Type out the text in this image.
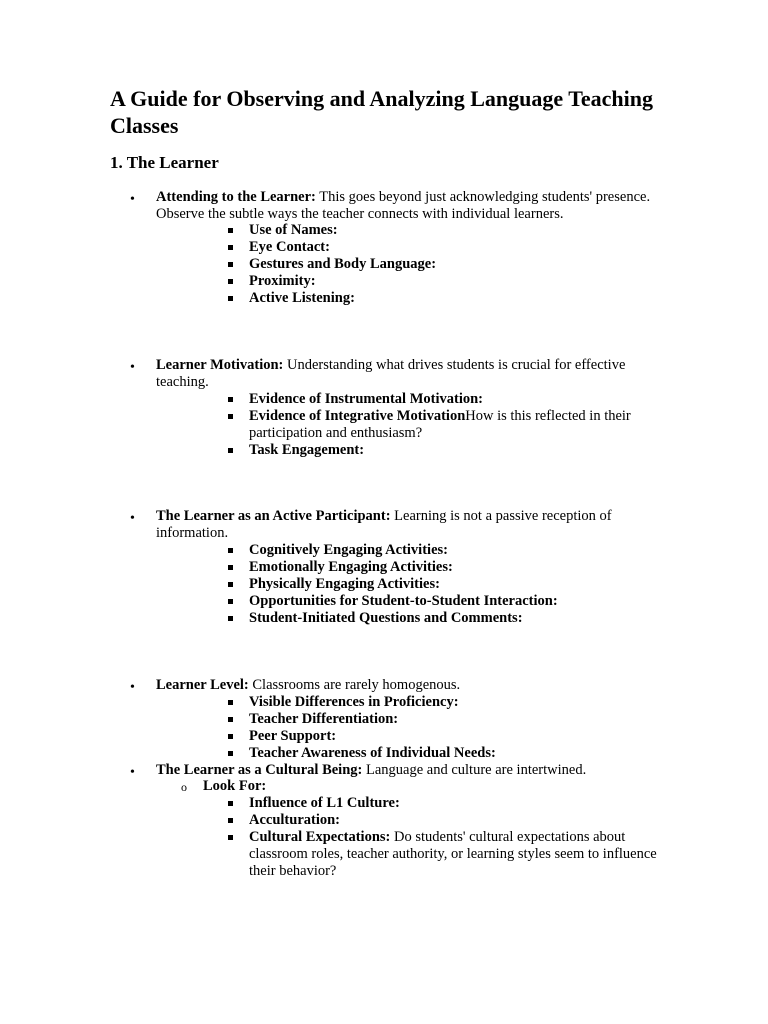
A Guide for Observing and Analyzing Language Teaching Classes
1. The Learner
• Attending to the Learner: This goes beyond just acknowledging students' presence. Observe the subtle ways the teacher connects with individual learners.
Use of Names:
Eye Contact:
Gestures and Body Language:
Proximity:
Active Listening:
• Learner Motivation: Understanding what drives students is crucial for effective teaching.
Evidence of Instrumental Motivation:
Evidence of Integrative MotivationHow is this reflected in their participation and enthusiasm?
Task Engagement:
• The Learner as an Active Participant: Learning is not a passive reception of information.
Cognitively Engaging Activities:
Emotionally Engaging Activities:
Physically Engaging Activities:
Opportunities for Student-to-Student Interaction:
Student-Initiated Questions and Comments:
• Learner Level: Classrooms are rarely homogenous.
Visible Differences in Proficiency:
Teacher Differentiation:
Peer Support:
Teacher Awareness of Individual Needs:
• The Learner as a Cultural Being: Language and culture are intertwined.
o Look For:
Influence of L1 Culture:
Acculturation:
Cultural Expectations: Do students' cultural expectations about classroom roles, teacher authority, or learning styles seem to influence their behavior?
